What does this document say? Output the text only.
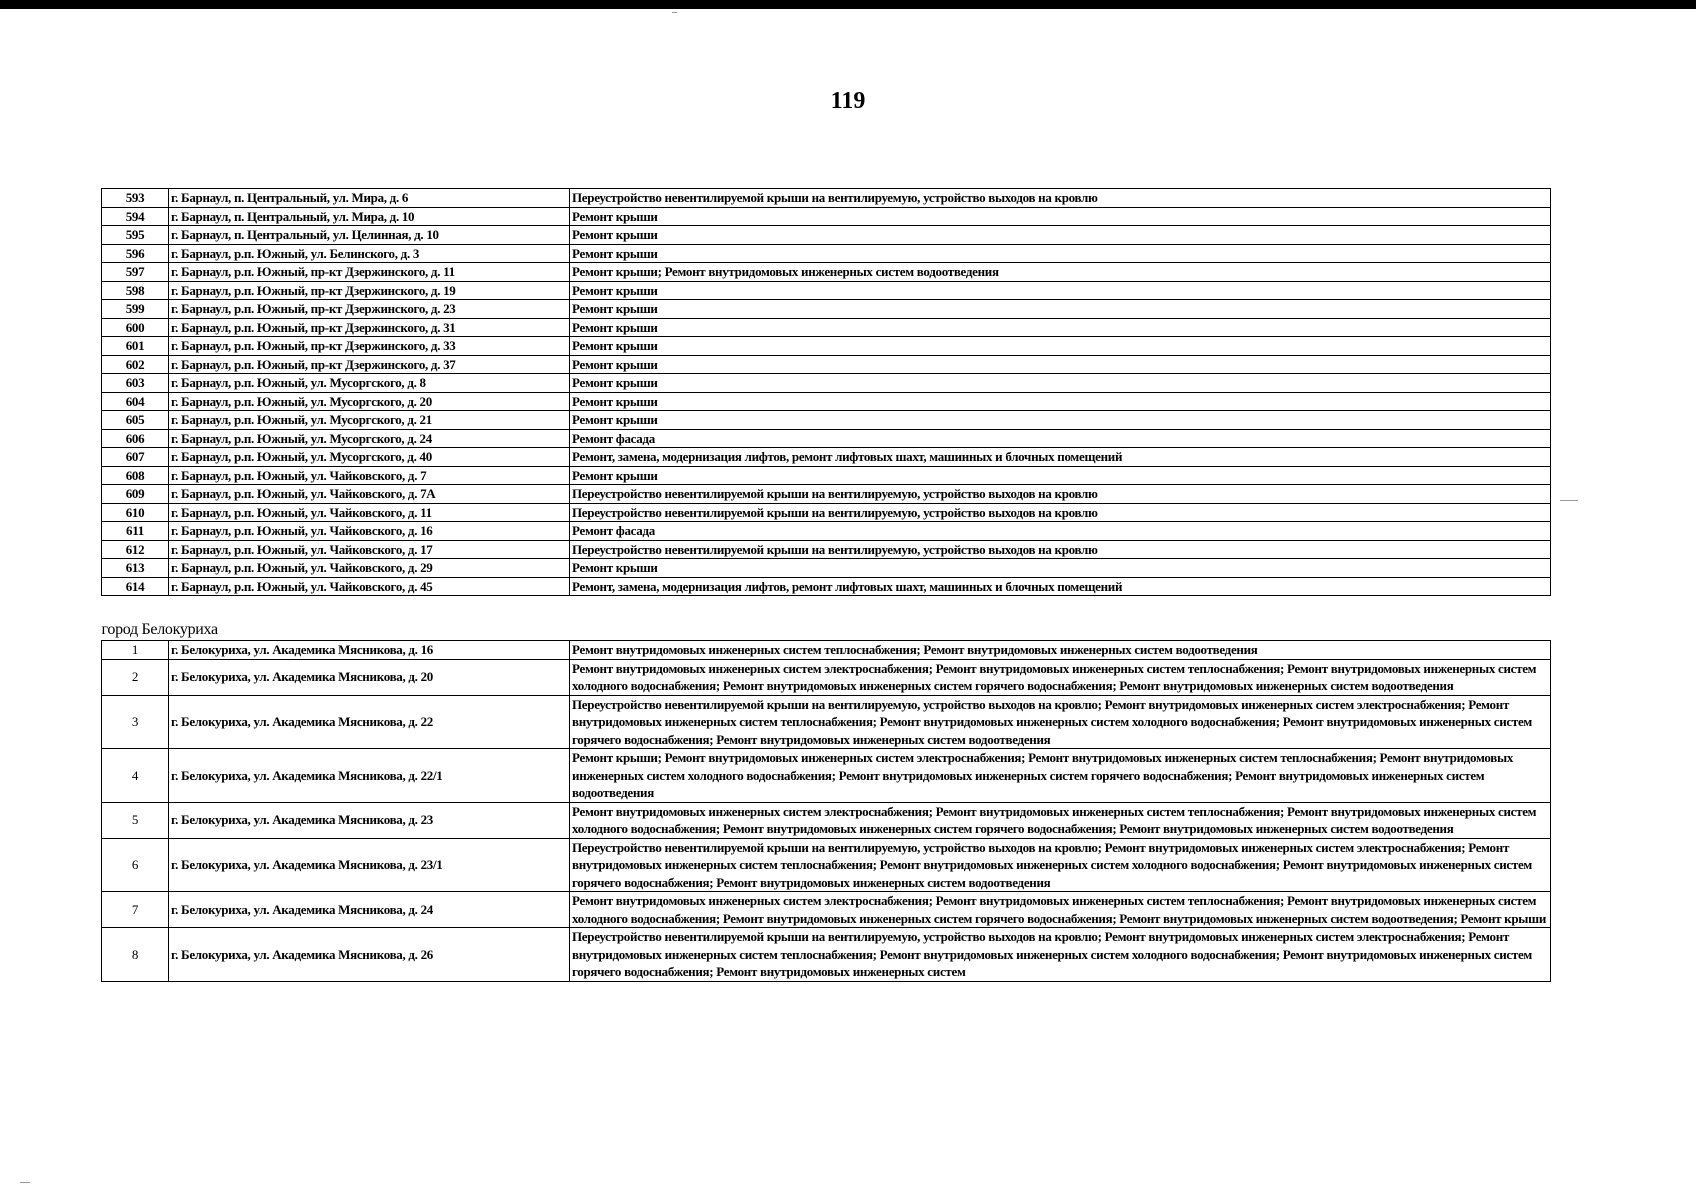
119
593	г. Барнаул, п. Центральный, ул. Мира, д. 6	Переустройство невентилируемой крыши на вентилируемую, устройство выходов на кровлю
594	г. Барнаул, п. Центральный, ул. Мира, д. 10	Ремонт крыши
595	г. Барнаул, п. Центральный, ул. Целинная, д. 10	Ремонт крыши
596	г. Барнаул, р.п. Южный, ул. Белинского, д. 3	Ремонт крыши
597	г. Барнаул, р.п. Южный, пр-кт Дзержинского, д. 11	Ремонт крыши; Ремонт внутридомовых инженерных систем водоотведения
598	г. Барнаул, р.п. Южный, пр-кт Дзержинского, д. 19	Ремонт крыши
599	г. Барнаул, р.п. Южный, пр-кт Дзержинского, д. 23	Ремонт крыши
600	г. Барнаул, р.п. Южный, пр-кт Дзержинского, д. 31	Ремонт крыши
601	г. Барнаул, р.п. Южный, пр-кт Дзержинского, д. 33	Ремонт крыши
602	г. Барнаул, р.п. Южный, пр-кт Дзержинского, д. 37	Ремонт крыши
603	г. Барнаул, р.п. Южный, ул. Мусоргского, д. 8	Ремонт крыши
604	г. Барнаул, р.п. Южный, ул. Мусоргского, д. 20	Ремонт крыши
605	г. Барнаул, р.п. Южный, ул. Мусоргского, д. 21	Ремонт крыши
606	г. Барнаул, р.п. Южный, ул. Мусоргского, д. 24	Ремонт фасада
607	г. Барнаул, р.п. Южный, ул. Мусоргского, д. 40	Ремонт, замена, модернизация лифтов, ремонт лифтовых шахт, машинных и блочных помещений
608	г. Барнаул, р.п. Южный, ул. Чайковского, д. 7	Ремонт крыши
609	г. Барнаул, р.п. Южный, ул. Чайковского, д. 7А	Переустройство невентилируемой крыши на вентилируемую, устройство выходов на кровлю
610	г. Барнаул, р.п. Южный, ул. Чайковского, д. 11	Переустройство невентилируемой крыши на вентилируемую, устройство выходов на кровлю
611	г. Барнаул, р.п. Южный, ул. Чайковского, д. 16	Ремонт фасада
612	г. Барнаул, р.п. Южный, ул. Чайковского, д. 17	Переустройство невентилируемой крыши на вентилируемую, устройство выходов на кровлю
613	г. Барнаул, р.п. Южный, ул. Чайковского, д. 29	Ремонт крыши
614	г. Барнаул, р.п. Южный, ул. Чайковского, д. 45	Ремонт, замена, модернизация лифтов, ремонт лифтовых шахт, машинных и блочных помещений
город Белокуриха		
1	г. Белокуриха, ул. Академика Мясникова, д. 16	Ремонт внутридомовых инженерных систем теплоснабжения; Ремонт внутридомовых инженерных систем водоотведения
2	г. Белокуриха, ул. Академика Мясникова, д. 20	Ремонт внутридомовых инженерных систем электроснабжения; Ремонт внутридомовых инженерных систем теплоснабжения; Ремонт внутридомовых инженерных систем холодного водоснабжения; Ремонт внутридомовых инженерных систем горячего водоснабжения; Ремонт внутридомовых инженерных систем водоотведения
3	г. Белокуриха, ул. Академика Мясникова, д. 22	Переустройство невентилируемой крыши на вентилируемую, устройство выходов на кровлю; Ремонт внутридомовых инженерных систем электроснабжения; Ремонт внутридомовых инженерных систем теплоснабжения; Ремонт внутридомовых инженерных систем холодного водоснабжения; Ремонт внутридомовых инженерных систем горячего водоснабжения; Ремонт внутридомовых инженерных систем водоотведения
4	г. Белокуриха, ул. Академика Мясникова, д. 22/1	Ремонт крыши; Ремонт внутридомовых инженерных систем электроснабжения; Ремонт внутридомовых инженерных систем теплоснабжения; Ремонт внутридомовых инженерных систем холодного водоснабжения; Ремонт внутридомовых инженерных систем горячего водоснабжения; Ремонт внутридомовых инженерных систем водоотведения
5	г. Белокуриха, ул. Академика Мясникова, д. 23	Ремонт внутридомовых инженерных систем электроснабжения; Ремонт внутридомовых инженерных систем теплоснабжения; Ремонт внутридомовых инженерных систем холодного водоснабжения; Ремонт внутридомовых инженерных систем горячего водоснабжения; Ремонт внутридомовых инженерных систем водоотведения
6	г. Белокуриха, ул. Академика Мясникова, д. 23/1	Переустройство невентилируемой крыши на вентилируемую, устройство выходов на кровлю; Ремонт внутридомовых инженерных систем электроснабжения; Ремонт внутридомовых инженерных систем теплоснабжения; Ремонт внутридомовых инженерных систем холодного водоснабжения; Ремонт внутридомовых инженерных систем горячего водоснабжения; Ремонт внутридомовых инженерных систем водоотведения
7	г. Белокуриха, ул. Академика Мясникова, д. 24	Ремонт внутридомовых инженерных систем электроснабжения; Ремонт внутридомовых инженерных систем теплоснабжения; Ремонт внутридомовых инженерных систем холодного водоснабжения; Ремонт внутридомовых инженерных систем горячего водоснабжения; Ремонт внутридомовых инженерных систем водоотведения; Ремонт крыши
8	г. Белокуриха, ул. Академика Мясникова, д. 26	Переустройство невентилируемой крыши на вентилируемую, устройство выходов на кровлю; Ремонт внутридомовых инженерных систем электроснабжения; Ремонт внутридомовых инженерных систем теплоснабжения; Ремонт внутридомовых инженерных систем холодного водоснабжения; Ремонт внутридомовых инженерных систем горячего водоснабжения; Ремонт внутридомовых инженерных систем
